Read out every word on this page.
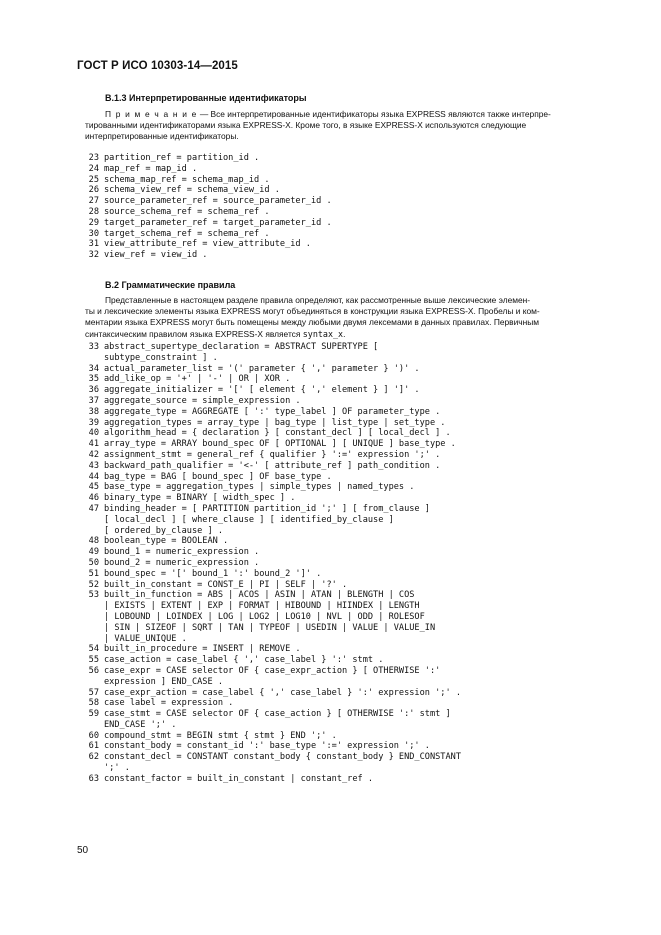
ГОСТ Р ИСО 10303-14—2015
B.1.3 Интерпретированные идентификаторы
П р и м е ч а н и е — Все интерпретированные идентификаторы языка EXPRESS являются также интерпре-
тированными идентификаторами языка EXPRESS-X. Кроме того, в языке EXPRESS-X используются следующие
интерпретированные идентификаторы.
23 partition_ref = partition_id .
24 map_ref = map_id .
25 schema_map_ref = schema_map_id .
26 schema_view_ref = schema_view_id .
27 source_parameter_ref = source_parameter_id .
28 source_schema_ref = schema_ref .
29 target_parameter_ref = target_parameter_id .
30 target_schema_ref = schema_ref .
31 view_attribute_ref = view_attribute_id .
32 view_ref = view_id .
B.2 Грамматические правила
Представленные в настоящем разделе правила определяют, как рассмотренные выше лексические элемен-
ты и лексические элементы языка EXPRESS могут объединяться в конструкции языка EXPRESS-X. Пробелы и ком-
ментарии языка EXPRESS могут быть помещены между любыми двумя лексемами в данных правилах. Первичным
синтаксическим правилом языка EXPRESS-X является syntax_x.
33 abstract_supertype_declaration = ABSTRACT SUPERTYPE [
subtype_constraint ] .
34 actual_parameter_list = '(' parameter { ',' parameter } ')' .
35 add_like_op = '+' | '-' | OR | XOR .
36 aggregate_initializer = '[' [ element { ',' element } ] ']' .
37 aggregate_source = simple_expression .
38 aggregate_type = AGGREGATE [ ':' type_label ] OF parameter_type .
39 aggregation_types = array_type | bag_type | list_type | set_type .
40 algorithm_head = { declaration } [ constant_decl ] [ local_decl ] .
41 array_type = ARRAY bound_spec OF [ OPTIONAL ] [ UNIQUE ] base_type .
42 assignment_stmt = general_ref { qualifier } ':=' expression ';' .
43 backward_path_qualifier = '<-' [ attribute_ref ] path_condition .
44 bag_type = BAG [ bound_spec ] OF base_type .
45 base_type = aggregation_types | simple_types | named_types .
46 binary_type = BINARY [ width_spec ] .
47 binding_header = [ PARTITION partition_id ';' ] [ from_clause ]
[ local_decl ] [ where_clause ] [ identified_by_clause ]
[ ordered_by_clause ] .
48 boolean_type = BOOLEAN .
49 bound_1 = numeric_expression .
50 bound_2 = numeric_expression .
51 bound_spec = '[' bound_1 ':' bound_2 ']' .
52 built_in_constant = CONST_E | PI | SELF | '?' .
53 built_in_function = ABS | ACOS | ASIN | ATAN | BLENGTH | COS
| EXISTS | EXTENT | EXP | FORMAT | HIBOUND | HIINDEX | LENGTH
| LOBOUND | LOINDEX | LOG | LOG2 | LOG10 | NVL | ODD | ROLESOF
| SIN | SIZEOF | SQRT | TAN | TYPEOF | USEDIN | VALUE | VALUE_IN
| VALUE_UNIQUE .
54 built_in_procedure = INSERT | REMOVE .
55 case_action = case_label { ',' case_label } ':' stmt .
56 case_expr = CASE selector OF { case_expr_action } [ OTHERWISE ':'
expression ] END_CASE .
57 case_expr_action = case_label { ',' case_label } ':' expression ';' .
58 case label = expression .
59 case_stmt = CASE selector OF { case_action } [ OTHERWISE ':' stmt ]
END_CASE ';' .
60 compound_stmt = BEGIN stmt { stmt } END ';' .
61 constant_body = constant_id ':' base_type ':=' expression ';' .
62 constant_decl = CONSTANT constant_body { constant_body } END_CONSTANT
';' .
63 constant_factor = built_in_constant | constant_ref .
50
